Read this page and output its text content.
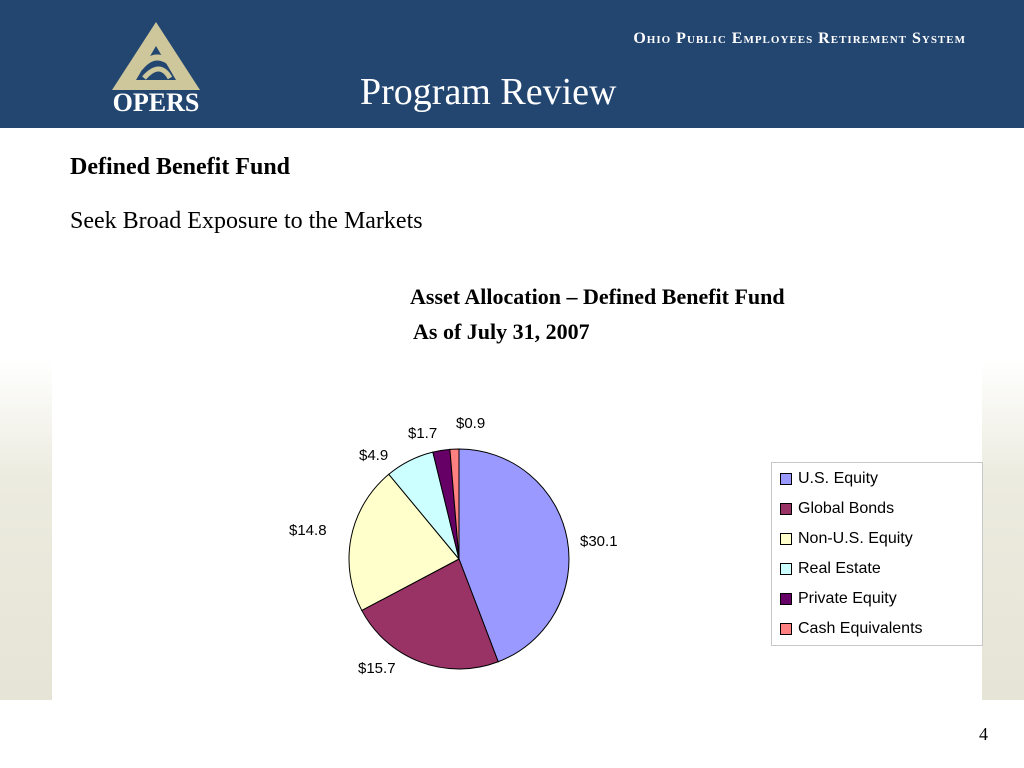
OPERS
Ohio Public Employees Retirement System
Program Review
Defined Benefit Fund
Seek Broad Exposure to the Markets
Asset Allocation – Defined Benefit Fund
As of July 31, 2007
$30.1
$15.7
$14.8
$4.9
$1.7
$0.9
U.S. Equity
Global Bonds
Non-U.S. Equity
Real Estate
Private Equity
Cash Equivalents
4
